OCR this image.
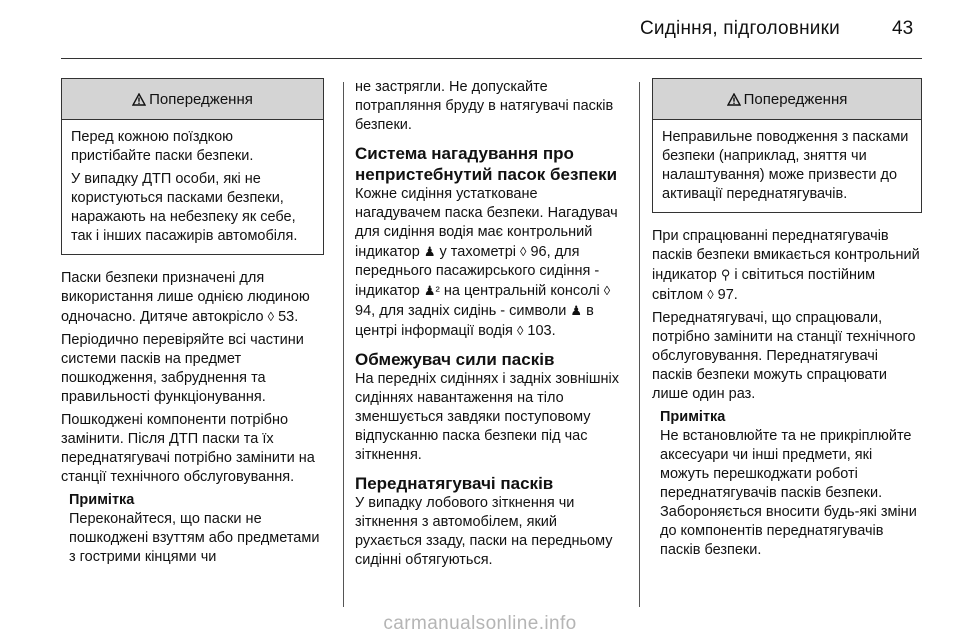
Сидіння, підголовники	43
Попередження

Перед кожною поїздкою пристібайте паски безпеки.

У випадку ДТП особи, які не користуються пасками безпеки, наражають на небезпеку як себе, так і інших пасажирів автомобіля.

Паски безпеки призначені для використання лише однією людиною одночасно. Дитяче автокрісло ◊ 53.

Періодично перевіряйте всі частини системи пасків на предмет пошкодження, забруднення та правильності функціонування.

Пошкоджені компоненти потрібно замінити. Після ДТП паски та їх переднатягувачі потрібно замінити на станції технічного обслуговування.

Примітка
Переконайтеся, що паски не пошкоджені взуттям або предметами з гострими кінцями чи

не застрягли. Не допускайте потрапляння бруду в натягувачі пасків безпеки.

Система нагадування про непристебнутий пасок безпеки

Кожне сидіння устатковане нагадувачем паска безпеки. Нагадувач для сидіння водія має контрольний індикатор ♟ у тахометрі ◊ 96, для переднього пасажирського сидіння - індикатор ♟² на центральній консолі ◊ 94, для задніх сидінь - символи ♟ в центрі інформації водія ◊ 103.

Обмежувач сили пасків

На передніх сидіннях і задніх зовнішніх сидіннях навантаження на тіло зменшується завдяки поступовому відпусканню паска безпеки під час зіткнення.

Переднатягувачі пасків

У випадку лобового зіткнення чи зіткнення з автомобілем, який рухається ззаду, паски на передньому сидінні обтягуються.

Попередження

Неправильне поводження з пасками безпеки (наприклад, зняття чи налаштування) може призвести до активації переднатягувачів.

При спрацюванні переднатягувачів пасків безпеки вмикається контрольний індикатор ⚲ і світиться постійним світлом ◊ 97.

Переднатягувачі, що спрацювали, потрібно замінити на станції технічного обслуговування. Переднатягувачі пасків безпеки можуть спрацювати лише один раз.

Примітка
Не встановлюйте та не прикріплюйте аксесуари чи інші предмети, які можуть перешкоджати роботі переднатягувачів пасків безпеки. Забороняється вносити будь-які зміни до компонентів переднатягувачів пасків безпеки.
carmanualsonline.info
